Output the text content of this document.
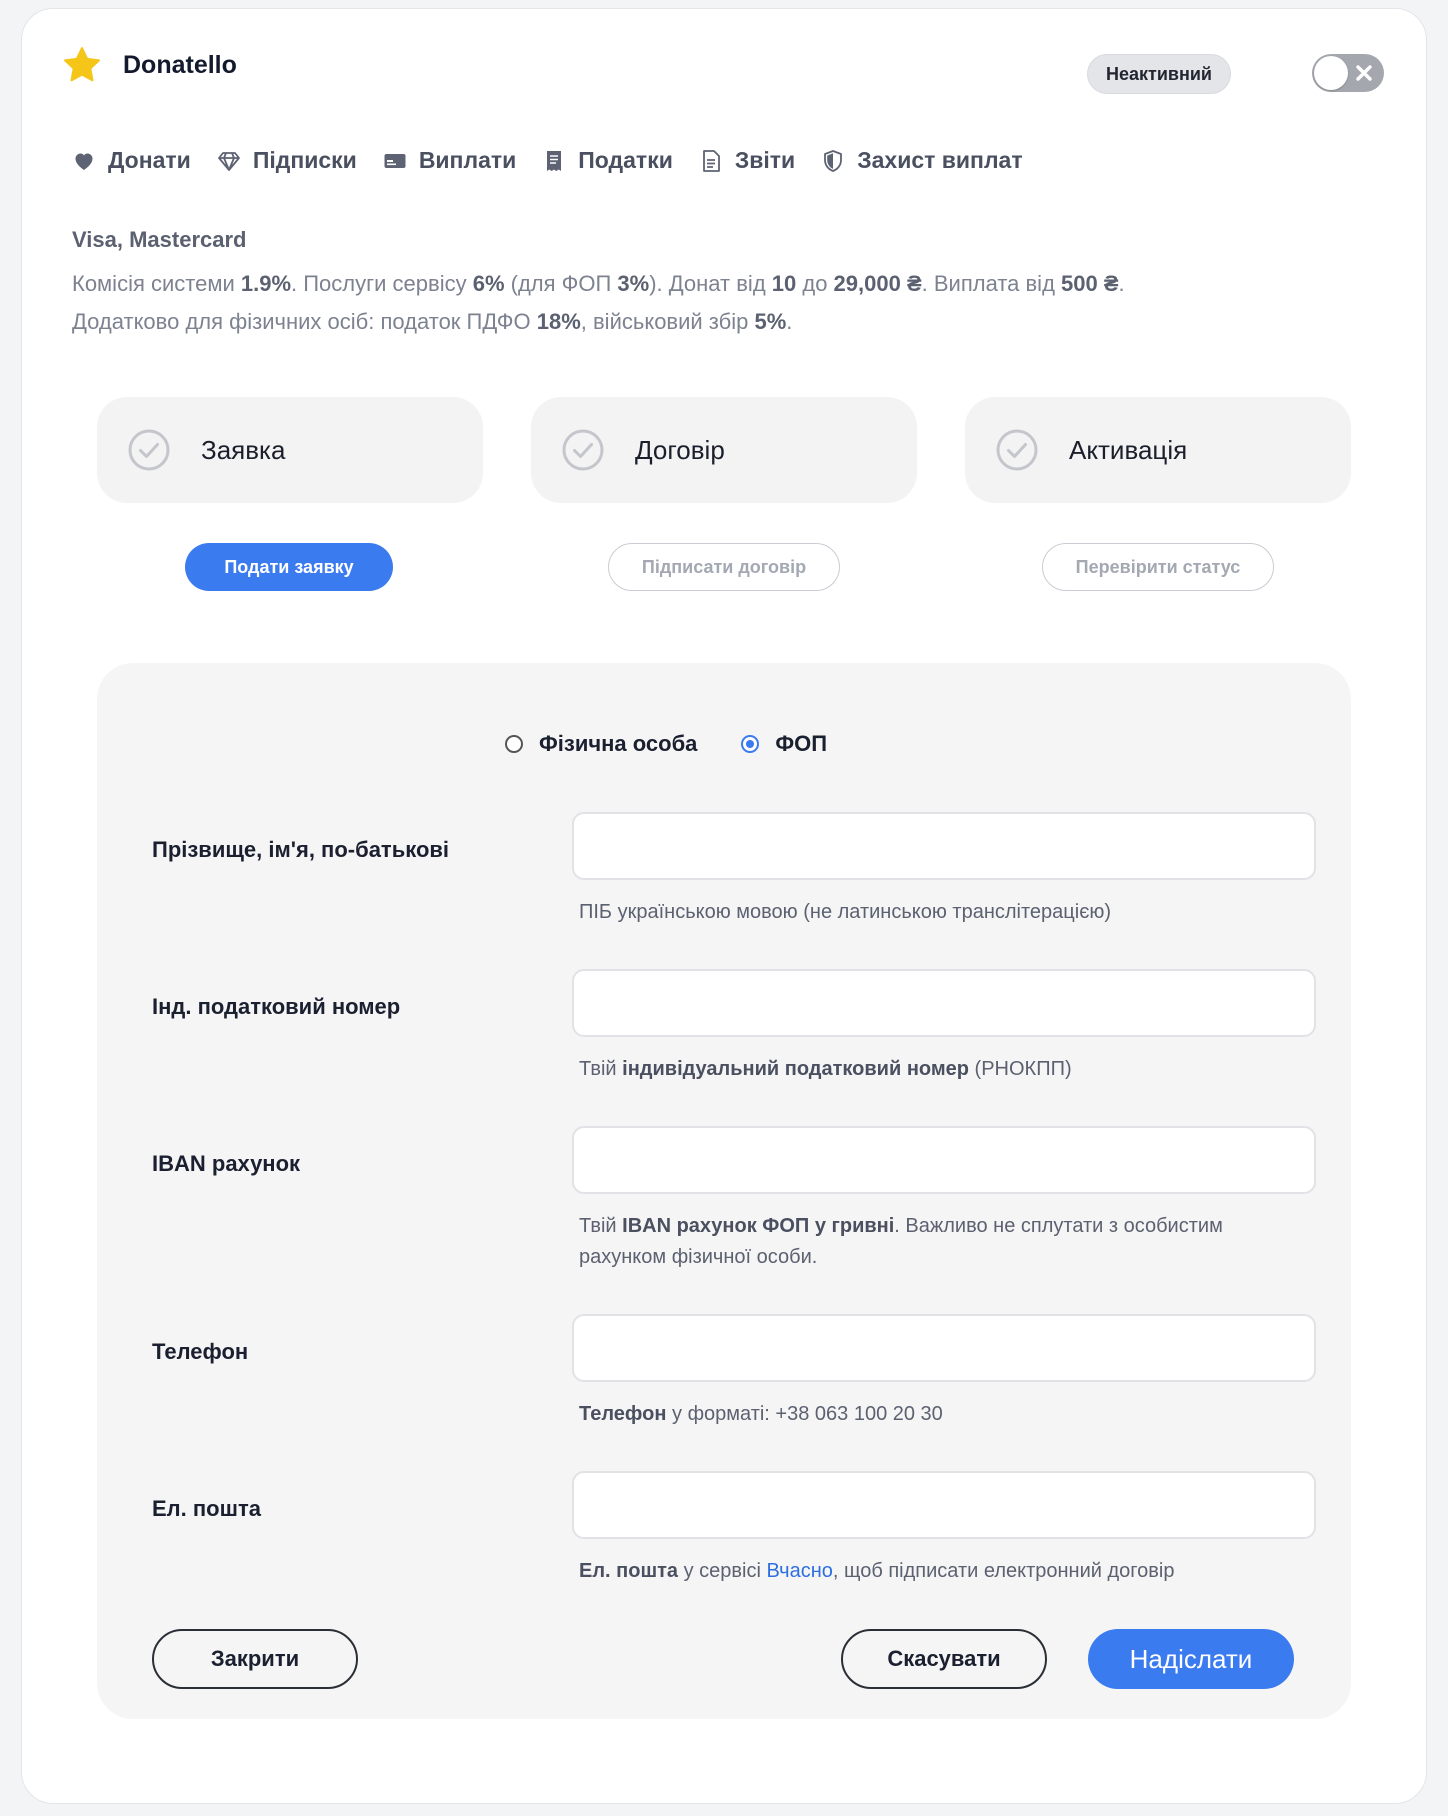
Donatello	Неактивний
Донати	Підписки	Виплати	Податки	Звіти	Захист виплат
Visa, Mastercard
Комісія системи 1.9%. Послуги сервісу 6% (для ФОП 3%). Донат від 10 до 29,000 ₴. Виплата від 500 ₴.
Додатково для фізичних осіб: податок ПДФО 18%, військовий збір 5%.
Заявка	Договір	Активація
Подати заявку	Підписати договір	Перевірити статус
Фізична особа	ФОП
Прізвище, ім'я, по-батькові
ПІБ українською мовою (не латинською транслітерацією)
Інд. податковий номер
Твій індивідуальний податковий номер (РНОКПП)
IBAN рахунок
Твій IBAN рахунок ФОП у гривні. Важливо не сплутати з особистим рахунком фізичної особи.
Телефон
Телефон у форматі: +38 063 100 20 30
Ел. пошта
Ел. пошта у сервісі Вчасно, щоб підписати електронний договір
Закрити	Скасувати	Надіслати
